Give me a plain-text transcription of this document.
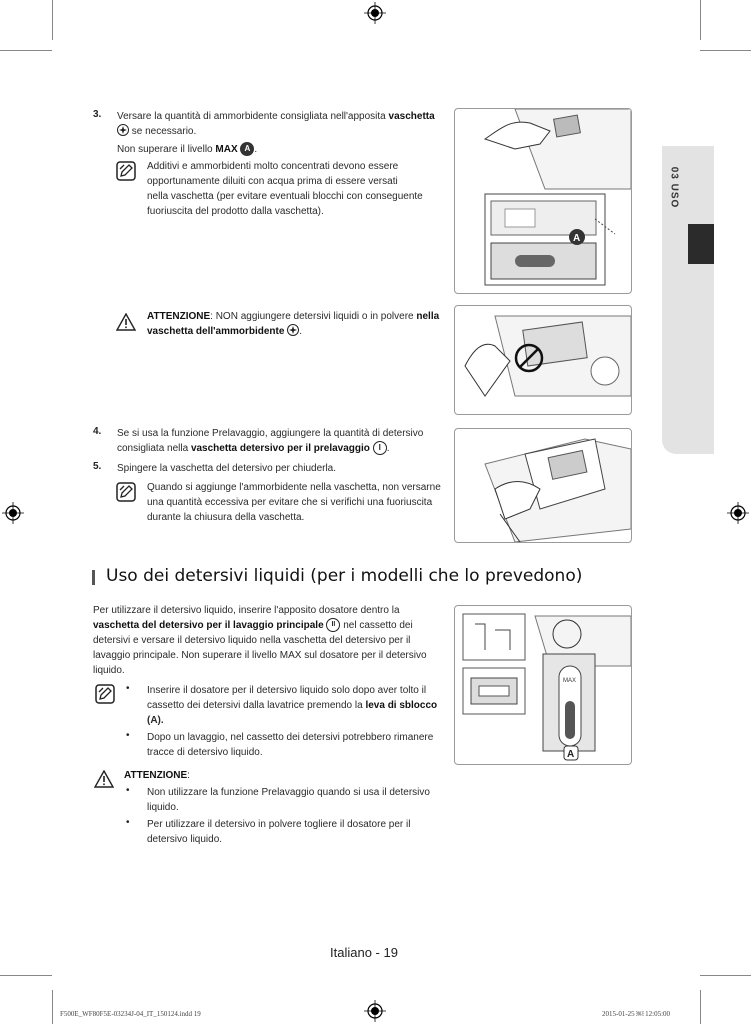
03 USO
3. Versare la quantità di ammorbidente consigliata nell'apposita vaschetta
se necessario.
Non superare il livello MAX A .
Additivi e ammorbidenti molto concentrati devono essere
opportunamente diluiti con acqua prima di essere versati
nella vaschetta (per evitare eventuali blocchi con conseguente
fuoriuscita del prodotto dalla vaschetta).
A
ATTENZIONE: NON aggiungere detersivi liquidi o in polvere nella
vaschetta dell'ammorbidente .
4. Se si usa la funzione Prelavaggio, aggiungere la quantità di detersivo
consigliata nella vaschetta detersivo per il prelavaggio I .
5. Spingere la vaschetta del detersivo per chiuderla.
Quando si aggiunge l'ammorbidente nella vaschetta, non versarne
una quantità eccessiva per evitare che si verifichi una fuoriuscita
durante la chiusura della vaschetta.
Uso dei detersivi liquidi (per i modelli che lo prevedono)
Per utilizzare il detersivo liquido, inserire l'apposito dosatore dentro la
vaschetta del detersivo per il lavaggio principale II nel cassetto dei
detersivi e versare il detersivo liquido nella vaschetta del detersivo per il
lavaggio principale. Non superare il livello MAX sul dosatore per il detersivo
liquido.
• Inserire il dosatore per il detersivo liquido solo dopo aver tolto il
cassetto dei detersivi dalla lavatrice premendo la leva di sblocco
(A).
• Dopo un lavaggio, nel cassetto dei detersivi potrebbero rimanere
tracce di detersivo liquido.
ATTENZIONE:
• Non utilizzare la funzione Prelavaggio quando si usa il detersivo
liquido.
• Per utilizzare il detersivo in polvere togliere il dosatore per il
detersivo liquido.
MAX
A
Italiano - 19
F500E_WF80F5E-03234J-04_IT_150124.indd 19	2015-01-25 ￼ 12:05:00
